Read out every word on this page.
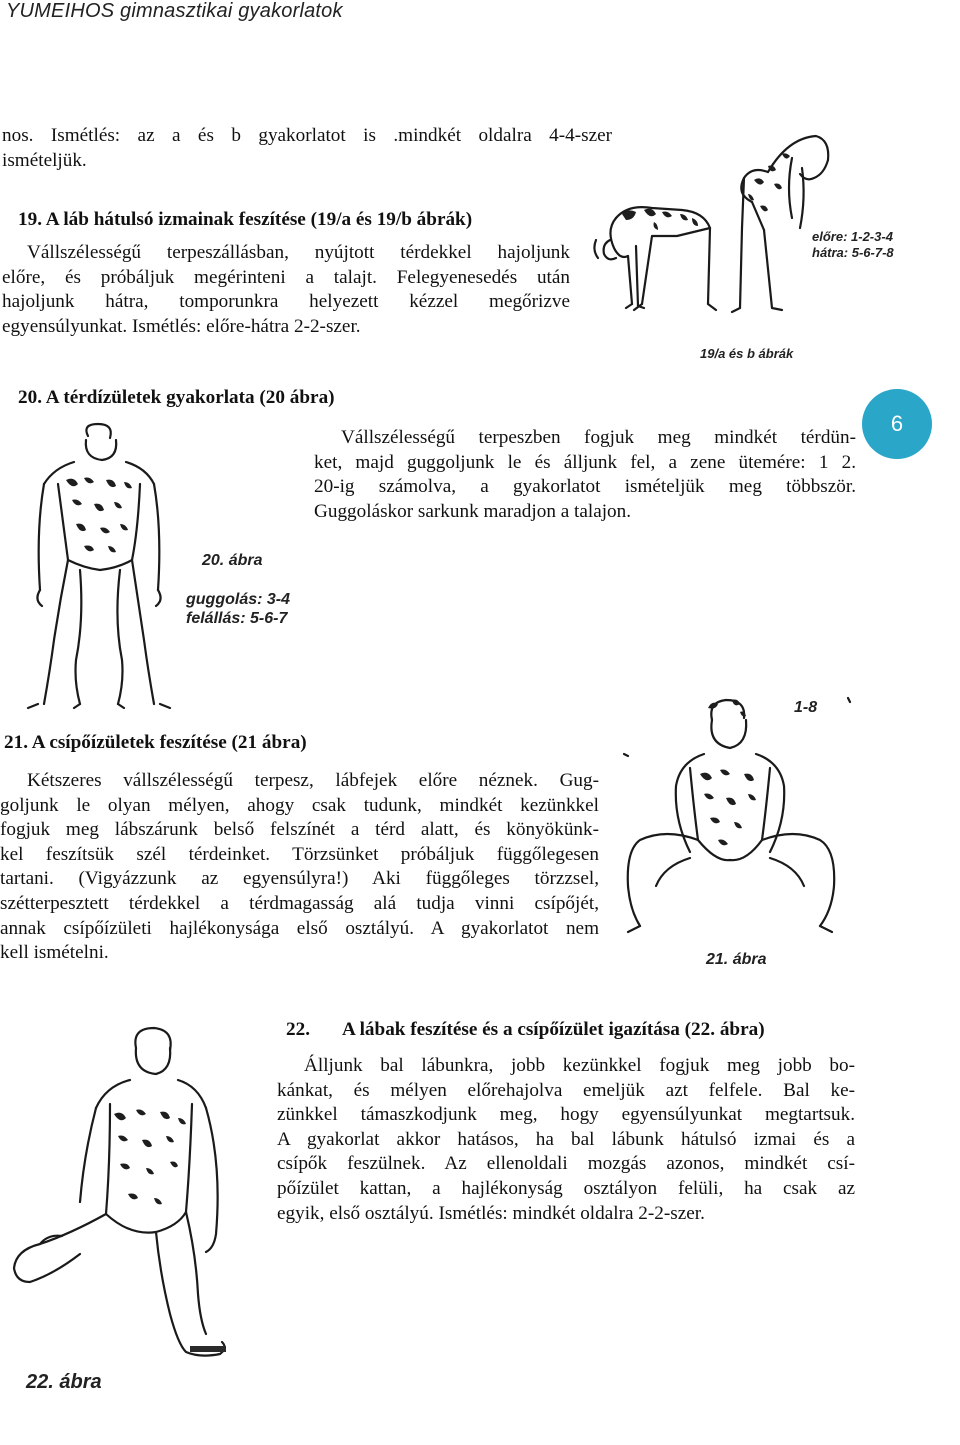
YUMEIHOS gimnasztikai gyakorlatok
nos. Ismétlés: az a és b gyakorlatot is .mindkét oldalra 4-4-szer
ismételjük.
19. A láb hátulsó izmainak feszítése (19/a és 19/b ábrák)
Vállszélességű terpeszállásban, nyújtott térdekkel hajoljunk
előre, és próbáljuk megérinteni a talajt. Felegyenesedés után
hajoljunk hátra, tomporunkra helyezett kézzel megőrizve
egyensúlyunkat. Ismétlés: előre-hátra 2-2-szer.
előre: 1-2-3-4
hátra: 5-6-7-8
19/a és b ábrák
20. A térdízületek gyakorlata (20 ábra)
Vállszélességű terpeszben fogjuk meg mindkét térdün-
ket, majd guggoljunk le és álljunk fel, a zene ütemére: 1 2.
20-ig számolva, a gyakorlatot ismételjük meg többször.
Guggoláskor sarkunk maradjon a talajon.
6
20. ábra
guggolás: 3-4
felállás: 5-6-7
21. A csípőízületek feszítése (21 ábra)
Kétszeres vállszélességű terpesz, lábfejek előre néznek. Gug-
goljunk le olyan mélyen, ahogy csak tudunk, mindkét kezünkkel
fogjuk meg lábszárunk belső felszínét a térd alatt, és könyökünk-
kel feszítsük szél térdeinket. Törzsünket próbáljuk függőlegesen
tartani. (Vigyázzunk az egyensúlyra!) Aki függőleges törzzsel,
szétterpesztett térdekkel a térdmagasság alá tudja vinni csípőjét,
annak csípőízületi hajlékonysága első osztályú. A gyakorlatot nem
kell ismételni.
1-8
21. ábra
22. A lábak feszítése és a csípőízület igazítása (22. ábra)
Álljunk bal lábunkra, jobb kezünkkel fogjuk meg jobb bo-
kánkat, és mélyen előrehajolva emeljük azt felfele. Bal ke-
zünkkel támaszkodjunk meg, hogy egyensúlyunkat megtartsuk.
A gyakorlat akkor hatásos, ha bal lábunk hátulsó izmai és a
csípők feszülnek. Az ellenoldali mozgás azonos, mindkét csí-
pőízület kattan, a hajlékonyság osztályon felüli, ha csak az
egyik, első osztályú. Ismétlés: mindkét oldalra 2-2-szer.
22. ábra
